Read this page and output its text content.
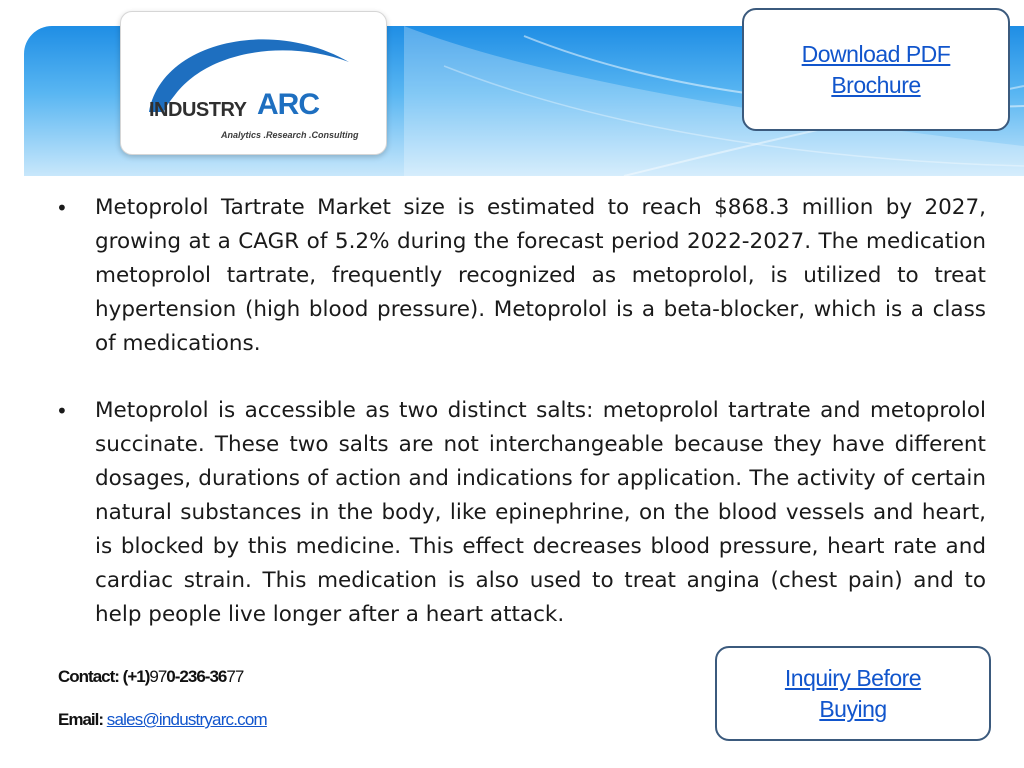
INDUSTRY ARC
Analytics .Research .Consulting
Download PDF
Brochure
• Metoprolol Tartrate Market size is estimated to reach $868.3 million by 2027, growing at a CAGR of 5.2% during the forecast period 2022-2027. The medication metoprolol tartrate, frequently recognized as metoprolol, is utilized to treat hypertension (high blood pressure). Metoprolol is a beta-blocker, which is a class of medications.
• Metoprolol is accessible as two distinct salts: metoprolol tartrate and metoprolol succinate. These two salts are not interchangeable because they have different dosages, durations of action and indications for application. The activity of certain natural substances in the body, like epinephrine, on the blood vessels and heart, is blocked by this medicine. This effect decreases blood pressure, heart rate and cardiac strain. This medication is also used to treat angina (chest pain) and to help people live longer after a heart attack.
Contact: (+1)970-236-3677
Email: sales@industryarc.com
Inquiry Before
Buying
